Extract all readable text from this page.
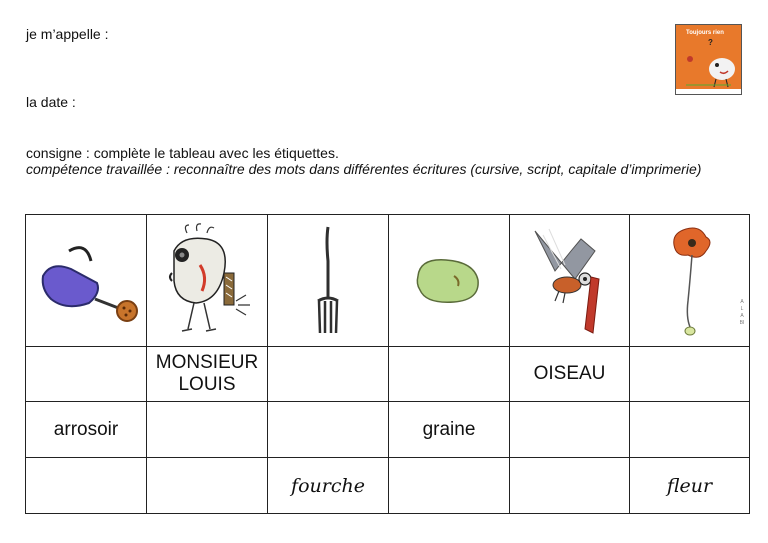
je m’appelle :
la date :
consigne : complète le tableau avec les étiquettes.
compétence travaillée : reconnaître des mots dans différentes écritures (cursive, script, capitale d’imprimerie)
Toujours rien
?

ALABI

	MONSIEUR LOUIS			OISEAU	
arrosoir			graine		
		fourche			fleur
